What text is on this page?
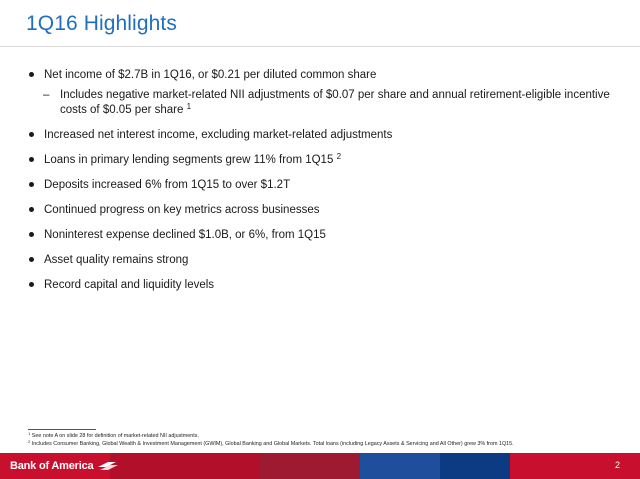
1Q16 Highlights
Net income of $2.7B in 1Q16, or $0.21 per diluted common share
– Includes negative market-related NII adjustments of $0.07 per share and annual retirement-eligible incentive costs of $0.05 per share $^1$
Increased net interest income, excluding market-related adjustments
Loans in primary lending segments grew 11% from 1Q15 $^2$
Deposits increased 6% from 1Q15 to over $1.2T
Continued progress on key metrics across businesses
Noninterest expense declined $1.0B, or 6%, from 1Q15
Asset quality remains strong
Record capital and liquidity levels
$^1$ See note A on slide 28 for definition of market-related NII adjustments.
$^2$ Includes Consumer Banking, Global Wealth & Investment Management (GWIM), Global Banking and Global Markets. Total loans (including Legacy Assets & Servicing and All Other) grew 3% from 1Q15.
Bank of America	2
